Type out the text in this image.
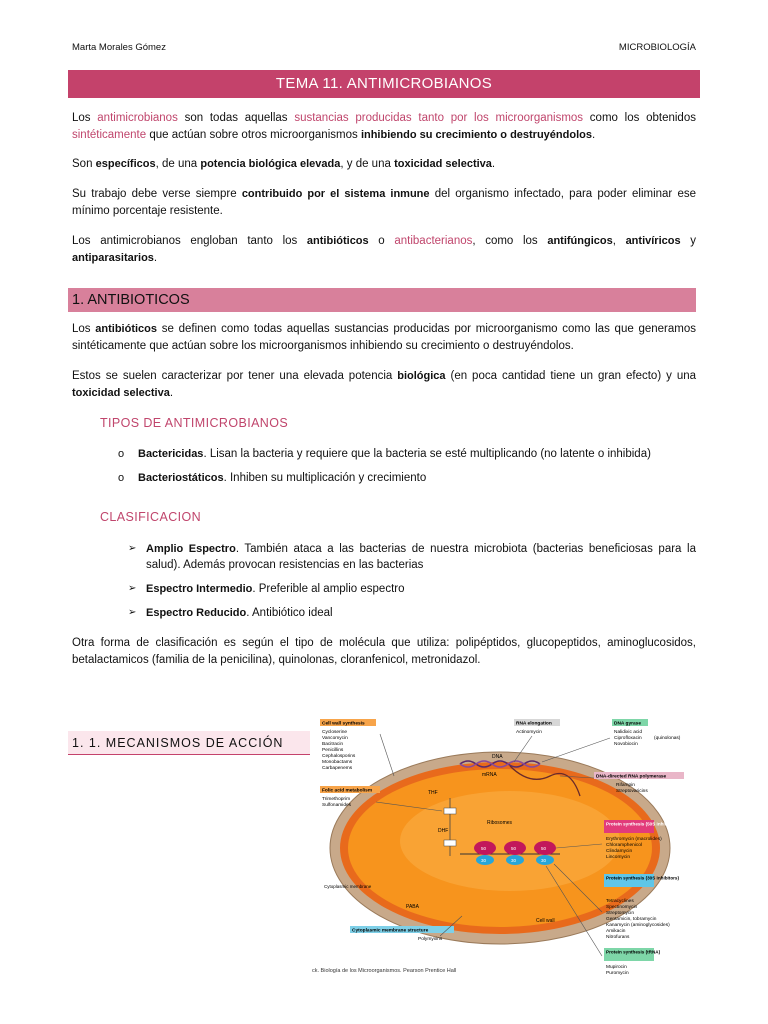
Marta Morales Gómez	MICROBIOLOGÍA
TEMA 11. ANTIMICROBIANOS

Los antimicrobianos son todas aquellas sustancias producidas tanto por los microorganismos como los obtenidos sintéticamente que actúan sobre otros microorganismos inhibiendo su crecimiento o destruyéndolos.

Son específicos, de una potencia biológica elevada, y de una toxicidad selectiva.

Su trabajo debe verse siempre contribuido por el sistema inmune del organismo infectado, para poder eliminar ese mínimo porcentaje resistente.

Los antimicrobianos engloban tanto los antibióticos o antibacterianos, como los antifúngicos, antivíricos y antiparasitarios.

1. ANTIBIOTICOS

Los antibióticos se definen como todas aquellas sustancias producidas por microorganismo como las que generamos sintéticamente que actúan sobre los microorganismos inhibiendo su crecimiento o destruyéndolos.

Estos se suelen caracterizar por tener una elevada potencia biológica (en poca cantidad tiene un gran efecto) y una toxicidad selectiva.

TIPOS DE ANTIMICROBIANOS
o Bactericidas. Lisan la bacteria y requiere que la bacteria se esté multiplicando (no latente o inhibida)
o Bacteriostáticos. Inhiben su multiplicación y crecimiento
CLASIFICACION
➢ Amplio Espectro. También ataca a las bacterias de nuestra microbiota (bacterias beneficiosas para la salud). Además provocan resistencias en las bacterias
➢ Espectro Intermedio. Preferible al amplio espectro
➢ Espectro Reducido. Antibiótico ideal

Otra forma de clasificación es según el tipo de molécula que utiliza: polipéptidos, glucopeptidos, aminoglucosidos, betalactamicos (familia de la penicilina), quinolonas, cloranfenicol, metronidazol.

1. 1. MECANISMOS DE ACCIÓN
DNA
mRNA
THF
DHF
Ribosomes
50
30
50
30
50
30
PABA
Cytoplasmic membrane
Cell wall
Cell wall synthesis
Cycloserine
Vancomycin
Bacitracin
Penicillins
Cephalosporins
Monobactams
Carbapenems
Folic acid metabolism
Trimethoprim
Sulfonamides
RNA elongation
Actinomycin
DNA gyrase
Nalidixic acid
Ciprofloxacin
Novobiocin
(quinolonas)
DNA-directed RNA polymerase
Rifampin
Streptovaricins
Protein synthesis (50S inhibitors)
Erythromycin (macrolides)
Chloramphenicol
Clindamycin
Lincomycin
Protein synthesis (30S inhibitors)
Tetracyclines
Spectinomycin
Streptomycin
Gentamicin, tobramycin
Kanamycin (aminoglycosides)
Amikacin
Nitrofurans
Protein synthesis (tRNA)
Mupirocin
Puromycin
Cytoplasmic membrane structure
Polymyxins
ck. Biología de los Microorganismos. Pearson Prentice Hall
